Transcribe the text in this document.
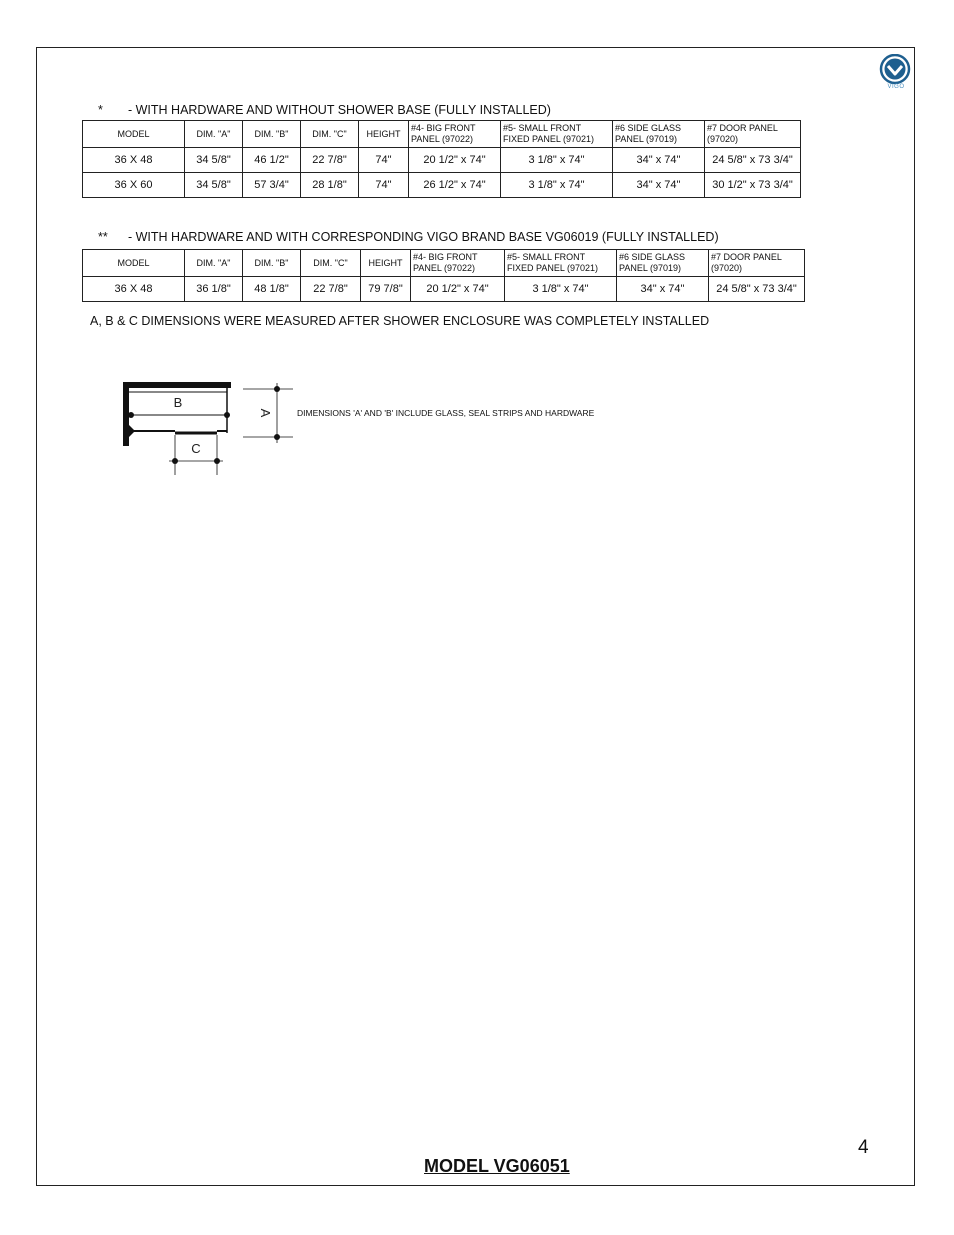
VIGO
* - WITH HARDWARE AND WITHOUT SHOWER BASE (FULLY INSTALLED)
MODEL	DIM. "A"	DIM. "B"	DIM. "C"	HEIGHT	#4- BIG FRONT PANEL (97022)	#5- SMALL FRONT FIXED PANEL (97021)	#6 SIDE GLASS PANEL (97019)	#7 DOOR PANEL (97020)
36 X 48	34 5/8"	46 1/2"	22 7/8"	74"	20 1/2" x 74"	3 1/8" x 74"	34" x 74"	24 5/8" x 73 3/4"
36 X 60	34 5/8"	57 3/4"	28 1/8"	74"	26 1/2" x 74"	3 1/8" x 74"	34" x 74"	30 1/2" x 73 3/4"
** - WITH HARDWARE AND WITH CORRESPONDING VIGO BRAND BASE VG06019 (FULLY INSTALLED)
MODEL	DIM. "A"	DIM. "B"	DIM. "C"	HEIGHT	#4- BIG FRONT PANEL (97022)	#5- SMALL FRONT FIXED PANEL (97021)	#6 SIDE GLASS PANEL (97019)	#7 DOOR PANEL (97020)
36 X 48	36 1/8"	48 1/8"	22 7/8"	79 7/8"	20 1/2" x 74"	3 1/8" x 74"	34" x 74"	24 5/8" x 73 3/4"
A, B & C DIMENSIONS WERE MEASURED AFTER SHOWER ENCLOSURE WAS COMPLETELY INSTALLED
A
B
C
DIMENSIONS 'A' AND 'B' INCLUDE GLASS, SEAL STRIPS AND HARDWARE
4
MODEL VG06051
